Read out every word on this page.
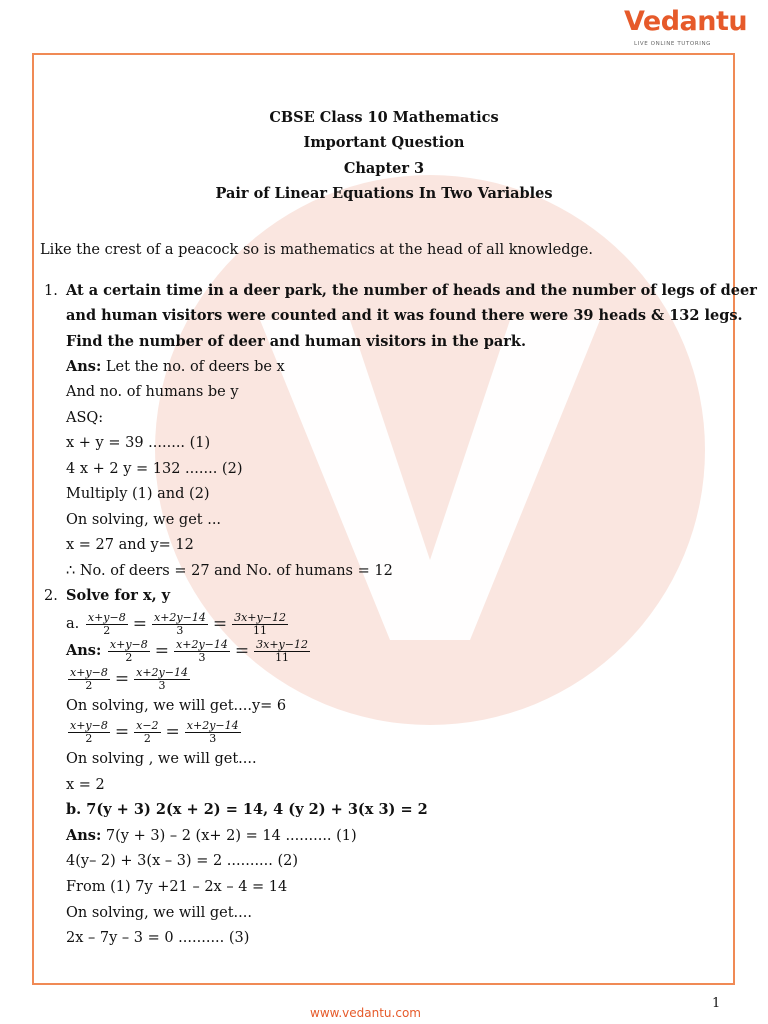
Vedantu
LIVE ONLINE TUTORING
CBSE Class 10 Mathematics
Important Question
Chapter 3
Pair of Linear Equations In Two Variables
Like the crest of a peacock so is mathematics at the head of all knowledge.
1. At a certain time in a deer park, the number of heads and the number of legs of deer
and human visitors were counted and it was found there were 39 heads & 132 legs.
Find the number of deer and human visitors in the park.
Ans: Let the no. of deers be x
And no. of humans be y
ASQ:
x + y = 39 ........ (1)
4 x + 2 y = 132 ....... (2)
Multiply (1) and (2)
On solving, we get ...
x = 27 and y= 12
∴ No. of deers = 27 and No. of humans = 12
2. Solve for x, y
a. $\frac{x+y-8}{2} = \frac{x+2y-14}{3} = \frac{3x+y-12}{11}$
Ans: $\frac{x+y-8}{2} = \frac{x+2y-14}{3} = \frac{3x+y-12}{11}$
$\frac{x+y-8}{2} = \frac{x+2y-14}{3}$
On solving, we will get....y= 6
$\frac{x+y-8}{2} = \frac{x-2}{2} = \frac{x+2y-14}{3}$
On solving , we will get....
x = 2
b. 7(y + 3) 2(x + 2) = 14, 4 (y 2) + 3(x 3) = 2
Ans: 7(y + 3) – 2 (x+ 2) = 14 .......... (1)
4(y– 2) + 3(x – 3) = 2 .......... (2)
From (1) 7y +21 – 2x – 4 = 14
On solving, we will get....
2x – 7y – 3 = 0 .......... (3)
1
www.vedantu.com
